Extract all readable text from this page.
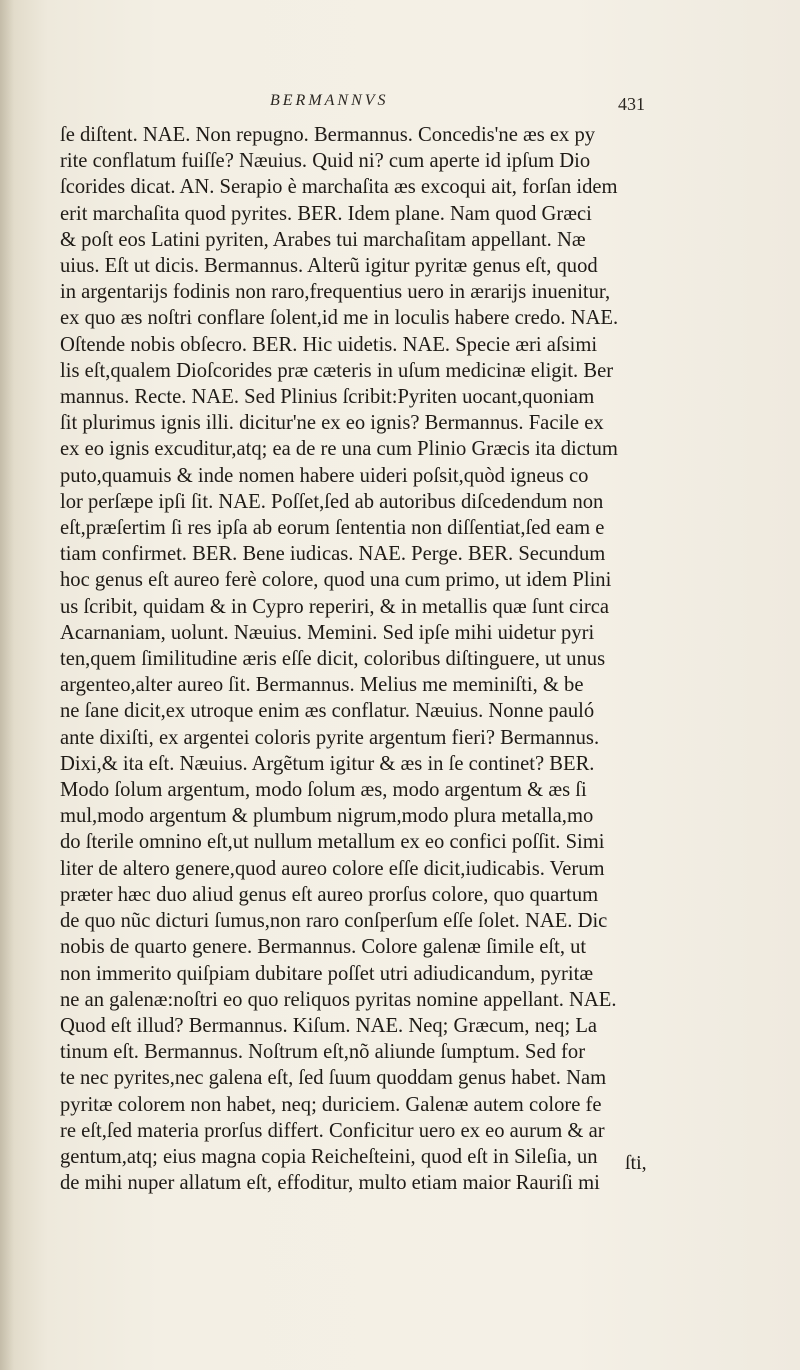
BERMANNVS	431
ſe diſtent. NAE. Non repugno. Bermannus. Concedis'ne æs ex py
rite conflatum fuiſſe? Næuius. Quid ni? cum aperte id ipſum Dio
ſcorides dicat. AN. Serapio è marchaſita æs excoqui ait, forſan idem
erit marchaſita quod pyrites. BER. Idem plane. Nam quod Græci
& poſt eos Latini pyriten, Arabes tui marchaſitam appellant. Næ
uius. Eſt ut dicis. Bermannus. Alterũ igitur pyritæ genus eſt, quod
in argentarijs fodinis non raro,frequentius uero in ærarijs inuenitur,
ex quo æs noſtri conflare ſolent,id me in loculis habere credo. NAE.
Oſtende nobis obſecro. BER. Hic uidetis. NAE. Specie æri aſsimi
lis eſt,qualem Dioſcorides præ cæteris in uſum medicinæ eligit. Ber
mannus. Recte. NAE. Sed Plinius ſcribit:Pyriten uocant,quoniam
ſit plurimus ignis illi. dicitur'ne ex eo ignis? Bermannus. Facile ex
ex eo ignis excuditur,atq; ea de re una cum Plinio Græcis ita dictum
puto,quamuis & inde nomen habere uideri poſsit,quòd igneus co
lor perſæpe ipſi ſit. NAE. Poſſet,ſed ab autoribus diſcedendum non
eſt,præſertim ſi res ipſa ab eorum ſententia non diſſentiat,ſed eam e
tiam confirmet. BER. Bene iudicas. NAE. Perge. BER. Secundum
hoc genus eſt aureo ferè colore, quod una cum primo, ut idem Plini
us ſcribit, quidam & in Cypro reperiri, & in metallis quæ ſunt circa
Acarnaniam, uolunt. Næuius. Memini. Sed ipſe mihi uidetur pyri
ten,quem ſimilitudine æris eſſe dicit, coloribus diſtinguere, ut unus
argenteo,alter aureo ſit. Bermannus. Melius me meminiſti, & be
ne ſane dicit,ex utroque enim æs conflatur. Næuius. Nonne pauló
ante dixiſti, ex argentei coloris pyrite argentum fieri? Bermannus.
Dixi,& ita eſt. Næuius. Argẽtum igitur & æs in ſe continet? BER.
Modo ſolum argentum, modo ſolum æs, modo argentum & æs ſi
mul,modo argentum & plumbum nigrum,modo plura metalla,mo
do ſterile omnino eſt,ut nullum metallum ex eo confici poſſit. Simi
liter de altero genere,quod aureo colore eſſe dicit,iudicabis. Verum
præter hæc duo aliud genus eſt aureo prorſus colore, quo quartum
de quo nũc dicturi ſumus,non raro conſperſum eſſe ſolet. NAE. Dic
nobis de quarto genere. Bermannus. Colore galenæ ſimile eſt, ut
non immerito quiſpiam dubitare poſſet utri adiudicandum, pyritæ
ne an galenæ:noſtri eo quo reliquos pyritas nomine appellant. NAE.
Quod eſt illud? Bermannus. Kiſum. NAE. Neq; Græcum, neq; La
tinum eſt. Bermannus. Noſtrum eſt,nõ aliunde ſumptum. Sed for
te nec pyrites,nec galena eſt, ſed ſuum quoddam genus habet. Nam
pyritæ colorem non habet, neq; duriciem. Galenæ autem colore fe
re eſt,ſed materia prorſus differt. Conficitur uero ex eo aurum & ar
gentum,atq; eius magna copia Reicheſteini, quod eſt in Sileſia, un
de mihi nuper allatum eſt, effoditur, multo etiam maior Rauriſi mi
ſti,
